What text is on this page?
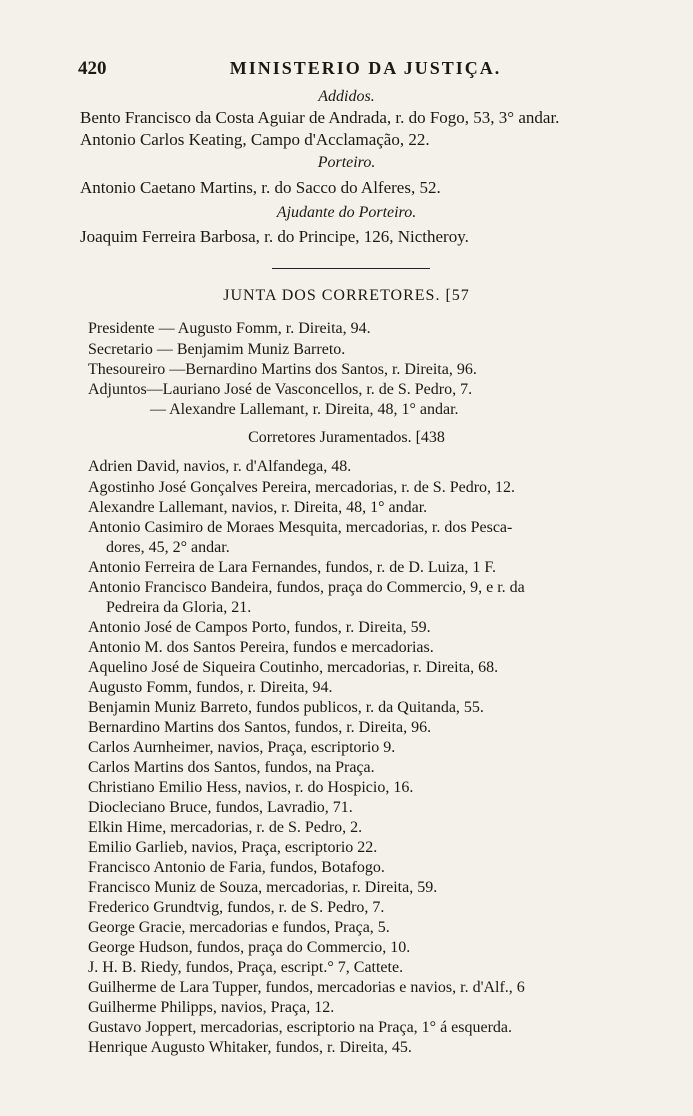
420	MINISTERIO DA JUSTIÇA.
Addidos.
Bento Francisco da Costa Aguiar de Andrada, r. do Fogo, 53, 3° andar.
Antonio Carlos Keating, Campo d'Acclamação, 22.
Porteiro.
Antonio Caetano Martins, r. do Sacco do Alferes, 52.
Ajudante do Porteiro.
Joaquim Ferreira Barbosa, r. do Principe, 126, Nictheroy.
JUNTA DOS CORRETORES. [57
Presidente — Augusto Fomm, r. Direita, 94.
Secretario — Benjamim Muniz Barreto.
Thesoureiro —Bernardino Martins dos Santos, r. Direita, 96.
Adjuntos—Lauriano José de Vasconcellos, r. de S. Pedro, 7.
— Alexandre Lallemant, r. Direita, 48, 1° andar.
Corretores Juramentados. [438
Adrien David, navios, r. d'Alfandega, 48.
Agostinho José Gonçalves Pereira, mercadorias, r. de S. Pedro, 12.
Alexandre Lallemant, navios, r. Direita, 48, 1° andar.
Antonio Casimiro de Moraes Mesquita, mercadorias, r. dos Pesca-
dores, 45, 2° andar.
Antonio Ferreira de Lara Fernandes, fundos, r. de D. Luiza, 1 F.
Antonio Francisco Bandeira, fundos, praça do Commercio, 9, e r. da
Pedreira da Gloria, 21.
Antonio José de Campos Porto, fundos, r. Direita, 59.
Antonio M. dos Santos Pereira, fundos e mercadorias.
Aquelino José de Siqueira Coutinho, mercadorias, r. Direita, 68.
Augusto Fomm, fundos, r. Direita, 94.
Benjamin Muniz Barreto, fundos publicos, r. da Quitanda, 55.
Bernardino Martins dos Santos, fundos, r. Direita, 96.
Carlos Aurnheimer, navios, Praça, escriptorio 9.
Carlos Martins dos Santos, fundos, na Praça.
Christiano Emilio Hess, navios, r. do Hospicio, 16.
Diocleciano Bruce, fundos, Lavradio, 71.
Elkin Hime, mercadorias, r. de S. Pedro, 2.
Emilio Garlieb, navios, Praça, escriptorio 22.
Francisco Antonio de Faria, fundos, Botafogo.
Francisco Muniz de Souza, mercadorias, r. Direita, 59.
Frederico Grundtvig, fundos, r. de S. Pedro, 7.
George Gracie, mercadorias e fundos, Praça, 5.
George Hudson, fundos, praça do Commercio, 10.
J. H. B. Riedy, fundos, Praça, escript.° 7, Cattete.
Guilherme de Lara Tupper, fundos, mercadorias e navios, r. d'Alf., 6
Guilherme Philipps, navios, Praça, 12.
Gustavo Joppert, mercadorias, escriptorio na Praça, 1° á esquerda.
Henrique Augusto Whitaker, fundos, r. Direita, 45.
